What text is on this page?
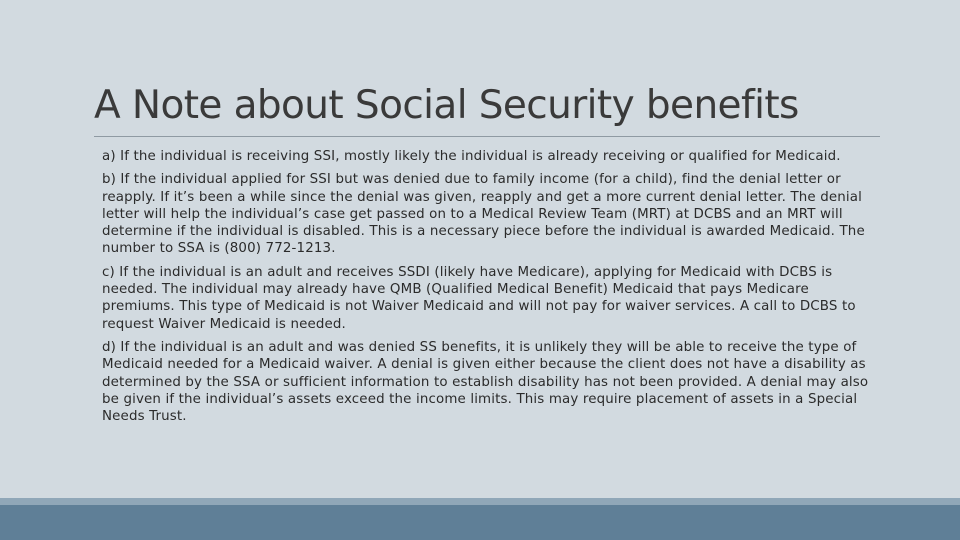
A Note about Social Security benefits

a) If the individual is receiving SSI, mostly likely the individual is already receiving or qualified for Medicaid.

b) If the individual applied for SSI but was denied due to family income (for a child), find the denial letter or reapply. If it’s been a while since the denial was given, reapply and get a more current denial letter. The denial letter will help the individual’s case get passed on to a Medical Review Team (MRT) at DCBS and an MRT will determine if the individual is disabled. This is a necessary piece before the individual is awarded Medicaid. The number to SSA is (800) 772-1213.

c) If the individual is an adult and receives SSDI (likely have Medicare), applying for Medicaid with DCBS is needed. The individual may already have QMB (Qualified Medical Benefit) Medicaid that pays Medicare premiums. This type of Medicaid is not Waiver Medicaid and will not pay for waiver services. A call to DCBS to request Waiver Medicaid is needed.

d) If the individual is an adult and was denied SS benefits, it is unlikely they will be able to receive the type of Medicaid needed for a Medicaid waiver. A denial is given either because the client does not have a disability as determined by the SSA or sufficient information to establish disability has not been provided. A denial may also be given if the individual’s assets exceed the income limits. This may require placement of assets in a Special Needs Trust.
